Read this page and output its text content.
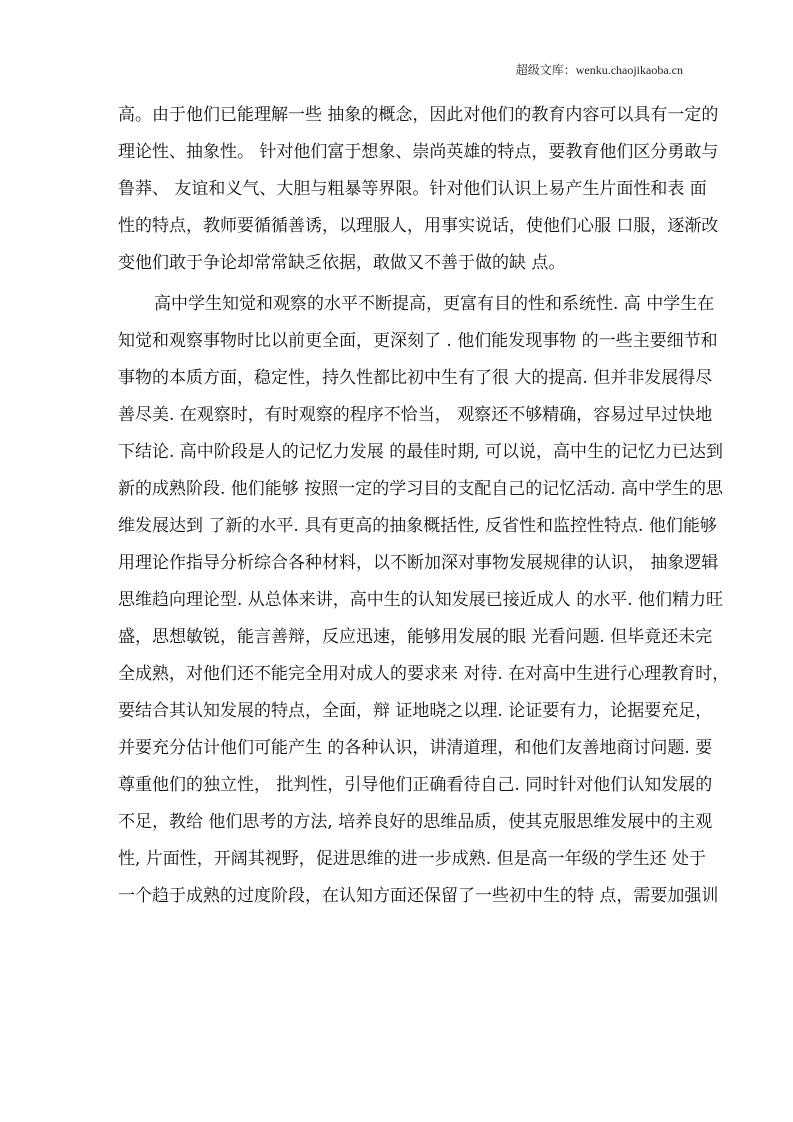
超级文库：wenku.chaojikaoba.cn
高。由于他们已能理解一些 抽象的概念，因此对他们的教育内容可以具有一定的
理论性、抽象性。 针对他们富于想象、崇尚英雄的特点，要教育他们区分勇敢与
鲁莽、 友谊和义气、大胆与粗暴等界限。针对他们认识上易产生片面性和表 面
性的特点，教师要循循善诱，以理服人，用事实说话，使他们心服 口服，逐渐改
变他们敢于争论却常常缺乏依据，敢做又不善于做的缺 点。
高中学生知觉和观察的水平不断提高，更富有目的性和系统性. 高 中学生在
知觉和观察事物时比以前更全面，更深刻了 . 他们能发现事物 的一些主要细节和
事物的本质方面，稳定性，持久性都比初中生有了很 大的提高. 但并非发展得尽
善尽美. 在观察时，有时观察的程序不恰当， 观察还不够精确，容易过早过快地
下结论. 高中阶段是人的记忆力发展 的最佳时期, 可以说，高中生的记忆力已达到
新的成熟阶段. 他们能够 按照一定的学习目的支配自己的记忆活动. 高中学生的思
维发展达到 了新的水平. 具有更高的抽象概括性, 反省性和监控性特点. 他们能够
用理论作指导分析综合各种材料，以不断加深对事物发展规律的认识， 抽象逻辑
思维趋向理论型. 从总体来讲，高中生的认知发展已接近成人 的水平. 他们精力旺
盛，思想敏锐，能言善辩，反应迅速，能够用发展的眼 光看问题. 但毕竟还未完
全成熟，对他们还不能完全用对成人的要求来 对待. 在对高中生进行心理教育时，
要结合其认知发展的特点，全面，辩 证地晓之以理. 论证要有力，论据要充足，
并要充分估计他们可能产生 的各种认识，讲清道理，和他们友善地商讨问题. 要
尊重他们的独立性， 批判性，引导他们正确看待自己. 同时针对他们认知发展的
不足，教给 他们思考的方法, 培养良好的思维品质，使其克服思维发展中的主观
性, 片面性，开阔其视野，促进思维的进一步成熟. 但是高一年级的学生还 处于
一个趋于成熟的过度阶段，在认知方面还保留了一些初中生的特 点，需要加强训
